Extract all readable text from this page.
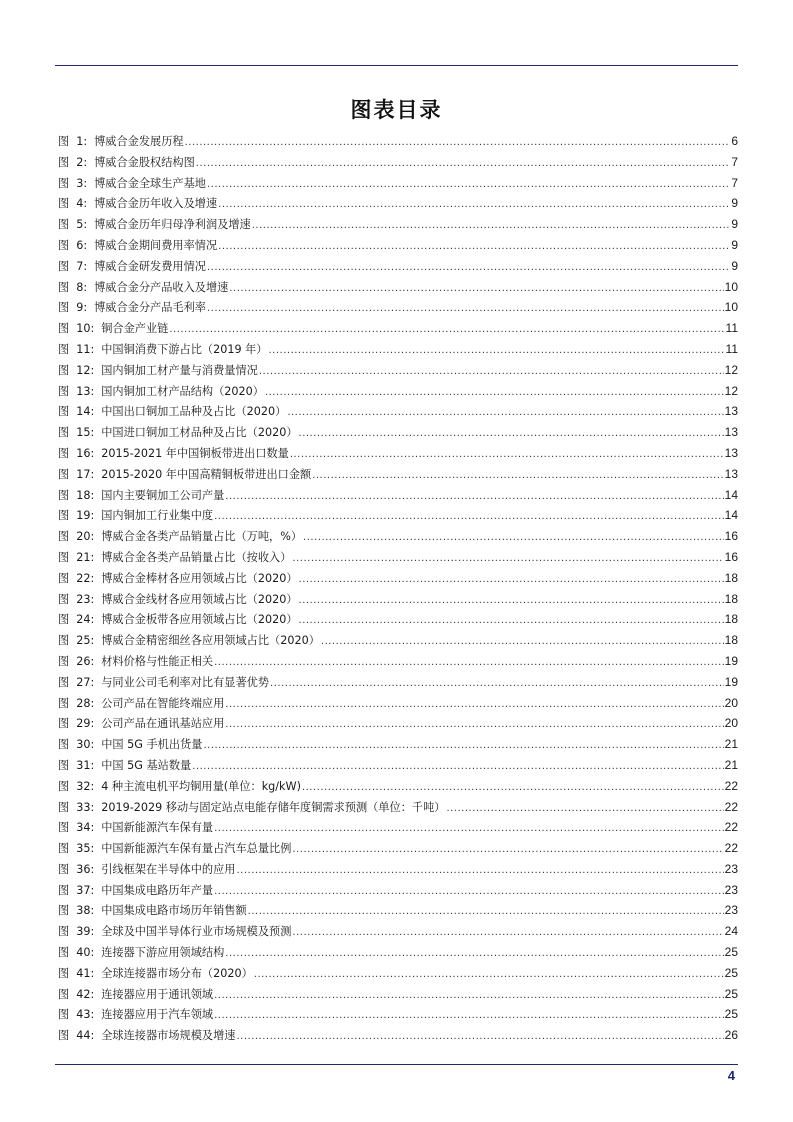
图表目录
图 1: 博威合金发展历程 .....	6
图 2: 博威合金股权结构图 .....	7
图 3: 博威合金全球生产基地 .....	7
图 4: 博威合金历年收入及增速 .....	9
图 5: 博威合金历年归母净利润及增速 .....	9
图 6: 博威合金期间费用率情况 .....	9
图 7: 博威合金研发费用情况 .....	9
图 8: 博威合金分产品收入及增速 .....	10
图 9: 博威合金分产品毛利率 .....	10
图 10: 铜合金产业链 .....	11
图 11: 中国铜消费下游占比（2019 年） .....	11
图 12: 国内铜加工材产量与消费量情况 .....	12
图 13: 国内铜加工材产品结构（2020） .....	12
图 14: 中国出口铜加工品种及占比（2020） .....	13
图 15: 中国进口铜加工材品种及占比（2020） .....	13
图 16: 2015-2021 年中国铜板带进出口数量 .....	13
图 17: 2015-2020 年中国高精铜板带进出口金额 .....	13
图 18: 国内主要铜加工公司产量 .....	14
图 19: 国内铜加工行业集中度 .....	14
图 20: 博威合金各类产品销量占比（万吨，%） .....	16
图 21: 博威合金各类产品销量占比（按收入） .....	16
图 22: 博威合金棒材各应用领域占比（2020） .....	18
图 23: 博威合金线材各应用领域占比（2020） .....	18
图 24: 博威合金板带各应用领域占比（2020） .....	18
图 25: 博威合金精密细丝各应用领域占比（2020） .....	18
图 26: 材料价格与性能正相关 .....	19
图 27: 与同业公司毛利率对比有显著优势 .....	19
图 28: 公司产品在智能终端应用 .....	20
图 29: 公司产品在通讯基站应用 .....	20
图 30: 中国 5G 手机出货量 .....	21
图 31: 中国 5G 基站数量 .....	21
图 32: 4 种主流电机平均铜用量(单位：kg/kW) .....	22
图 33: 2019-2029 移动与固定站点电能存储年度铜需求预测（单位：千吨） .....	22
图 34: 中国新能源汽车保有量 .....	22
图 35: 中国新能源汽车保有量占汽车总量比例 .....	22
图 36: 引线框架在半导体中的应用 .....	23
图 37: 中国集成电路历年产量 .....	23
图 38: 中国集成电路市场历年销售额 .....	23
图 39: 全球及中国半导体行业市场规模及预测 .....	24
图 40: 连接器下游应用领域结构 .....	25
图 41: 全球连接器市场分布（2020） .....	25
图 42: 连接器应用于通讯领域 .....	25
图 43: 连接器应用于汽车领域 .....	25
图 44: 全球连接器市场规模及增速 .....	26
4
